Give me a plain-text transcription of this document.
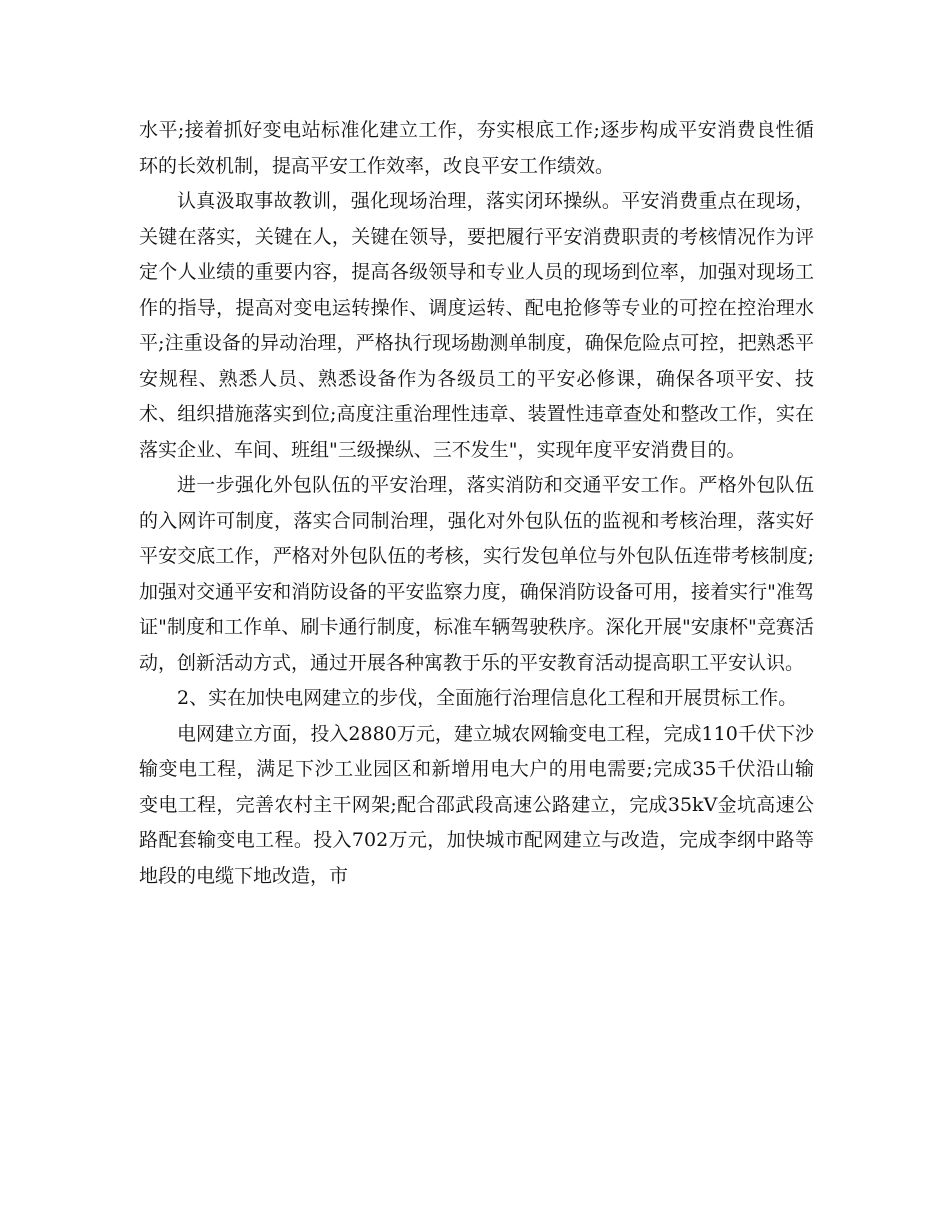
水平;接着抓好变电站标准化建立工作，夯实根底工作;逐步构成平安消费良性循环的长效机制，提高平安工作效率，改良平安工作绩效。

认真汲取事故教训，强化现场治理，落实闭环操纵。平安消费重点在现场，关键在落实，关键在人，关键在领导，要把履行平安消费职责的考核情况作为评定个人业绩的重要内容，提高各级领导和专业人员的现场到位率，加强对现场工作的指导，提高对变电运转操作、调度运转、配电抢修等专业的可控在控治理水平;注重设备的异动治理，严格执行现场勘测单制度，确保危险点可控，把熟悉平安规程、熟悉人员、熟悉设备作为各级员工的平安必修课，确保各项平安、技术、组织措施落实到位;高度注重治理性违章、装置性违章查处和整改工作，实在落实企业、车间、班组"三级操纵、三不发生"，实现年度平安消费目的。

进一步强化外包队伍的平安治理，落实消防和交通平安工作。严格外包队伍的入网许可制度，落实合同制治理，强化对外包队伍的监视和考核治理，落实好平安交底工作，严格对外包队伍的考核，实行发包单位与外包队伍连带考核制度;加强对交通平安和消防设备的平安监察力度，确保消防设备可用，接着实行"准驾证"制度和工作单、刷卡通行制度，标准车辆驾驶秩序。深化开展"安康杯"竞赛活动，创新活动方式，通过开展各种寓教于乐的平安教育活动提高职工平安认识。

2、实在加快电网建立的步伐，全面施行治理信息化工程和开展贯标工作。

电网建立方面，投入2880万元，建立城农网输变电工程，完成110千伏下沙输变电工程，满足下沙工业园区和新增用电大户的用电需要;完成35千伏沿山输变电工程，完善农村主干网架;配合邵武段高速公路建立，完成35kV金坑高速公路配套输变电工程。投入702万元，加快城市配网建立与改造，完成李纲中路等地段的电缆下地改造，市
